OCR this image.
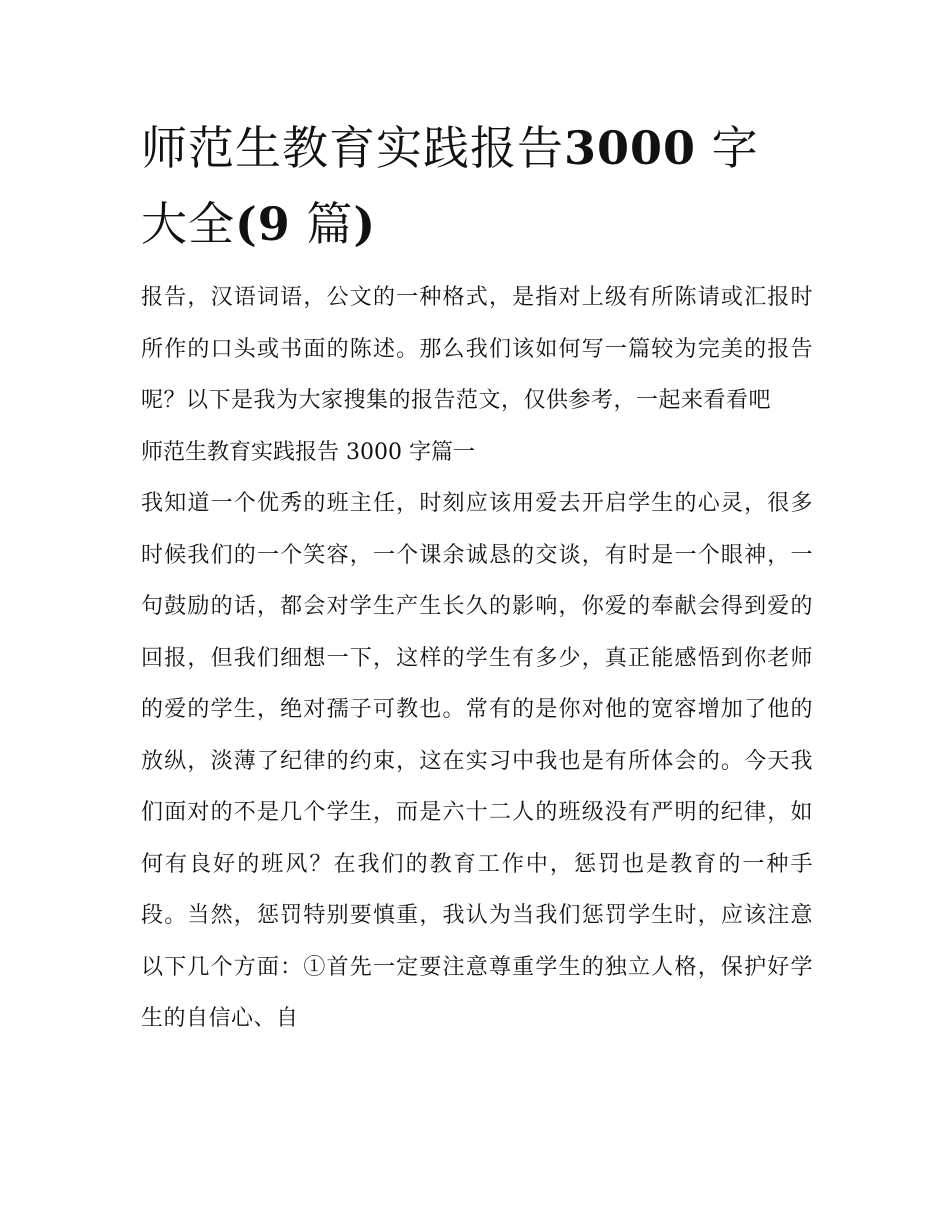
师范生教育实践报告3000 字
大全(9 篇)

报告，汉语词语，公文的一种格式，是指对上级有所陈请或汇报时所作的口头或书面的陈述。那么我们该如何写一篇较为完美的报告呢？以下是我为大家搜集的报告范文，仅供参考，一起来看看吧

师范生教育实践报告 3000 字篇一

我知道一个优秀的班主任，时刻应该用爱去开启学生的心灵，很多时候我们的一个笑容，一个课余诚恳的交谈，有时是一个眼神，一句鼓励的话，都会对学生产生长久的影响，你爱的奉献会得到爱的回报，但我们细想一下，这样的学生有多少，真正能感悟到你老师的爱的学生，绝对孺子可教也。常有的是你对他的宽容增加了他的放纵，淡薄了纪律的约束，这在实习中我也是有所体会的。今天我们面对的不是几个学生，而是六十二人的班级没有严明的纪律，如何有良好的班风？在我们的教育工作中，惩罚也是教育的一种手段。当然，惩罚特别要慎重，我认为当我们惩罚学生时，应该注意以下几个方面：①首先一定要注意尊重学生的独立人格，保护好学生的自信心、自
